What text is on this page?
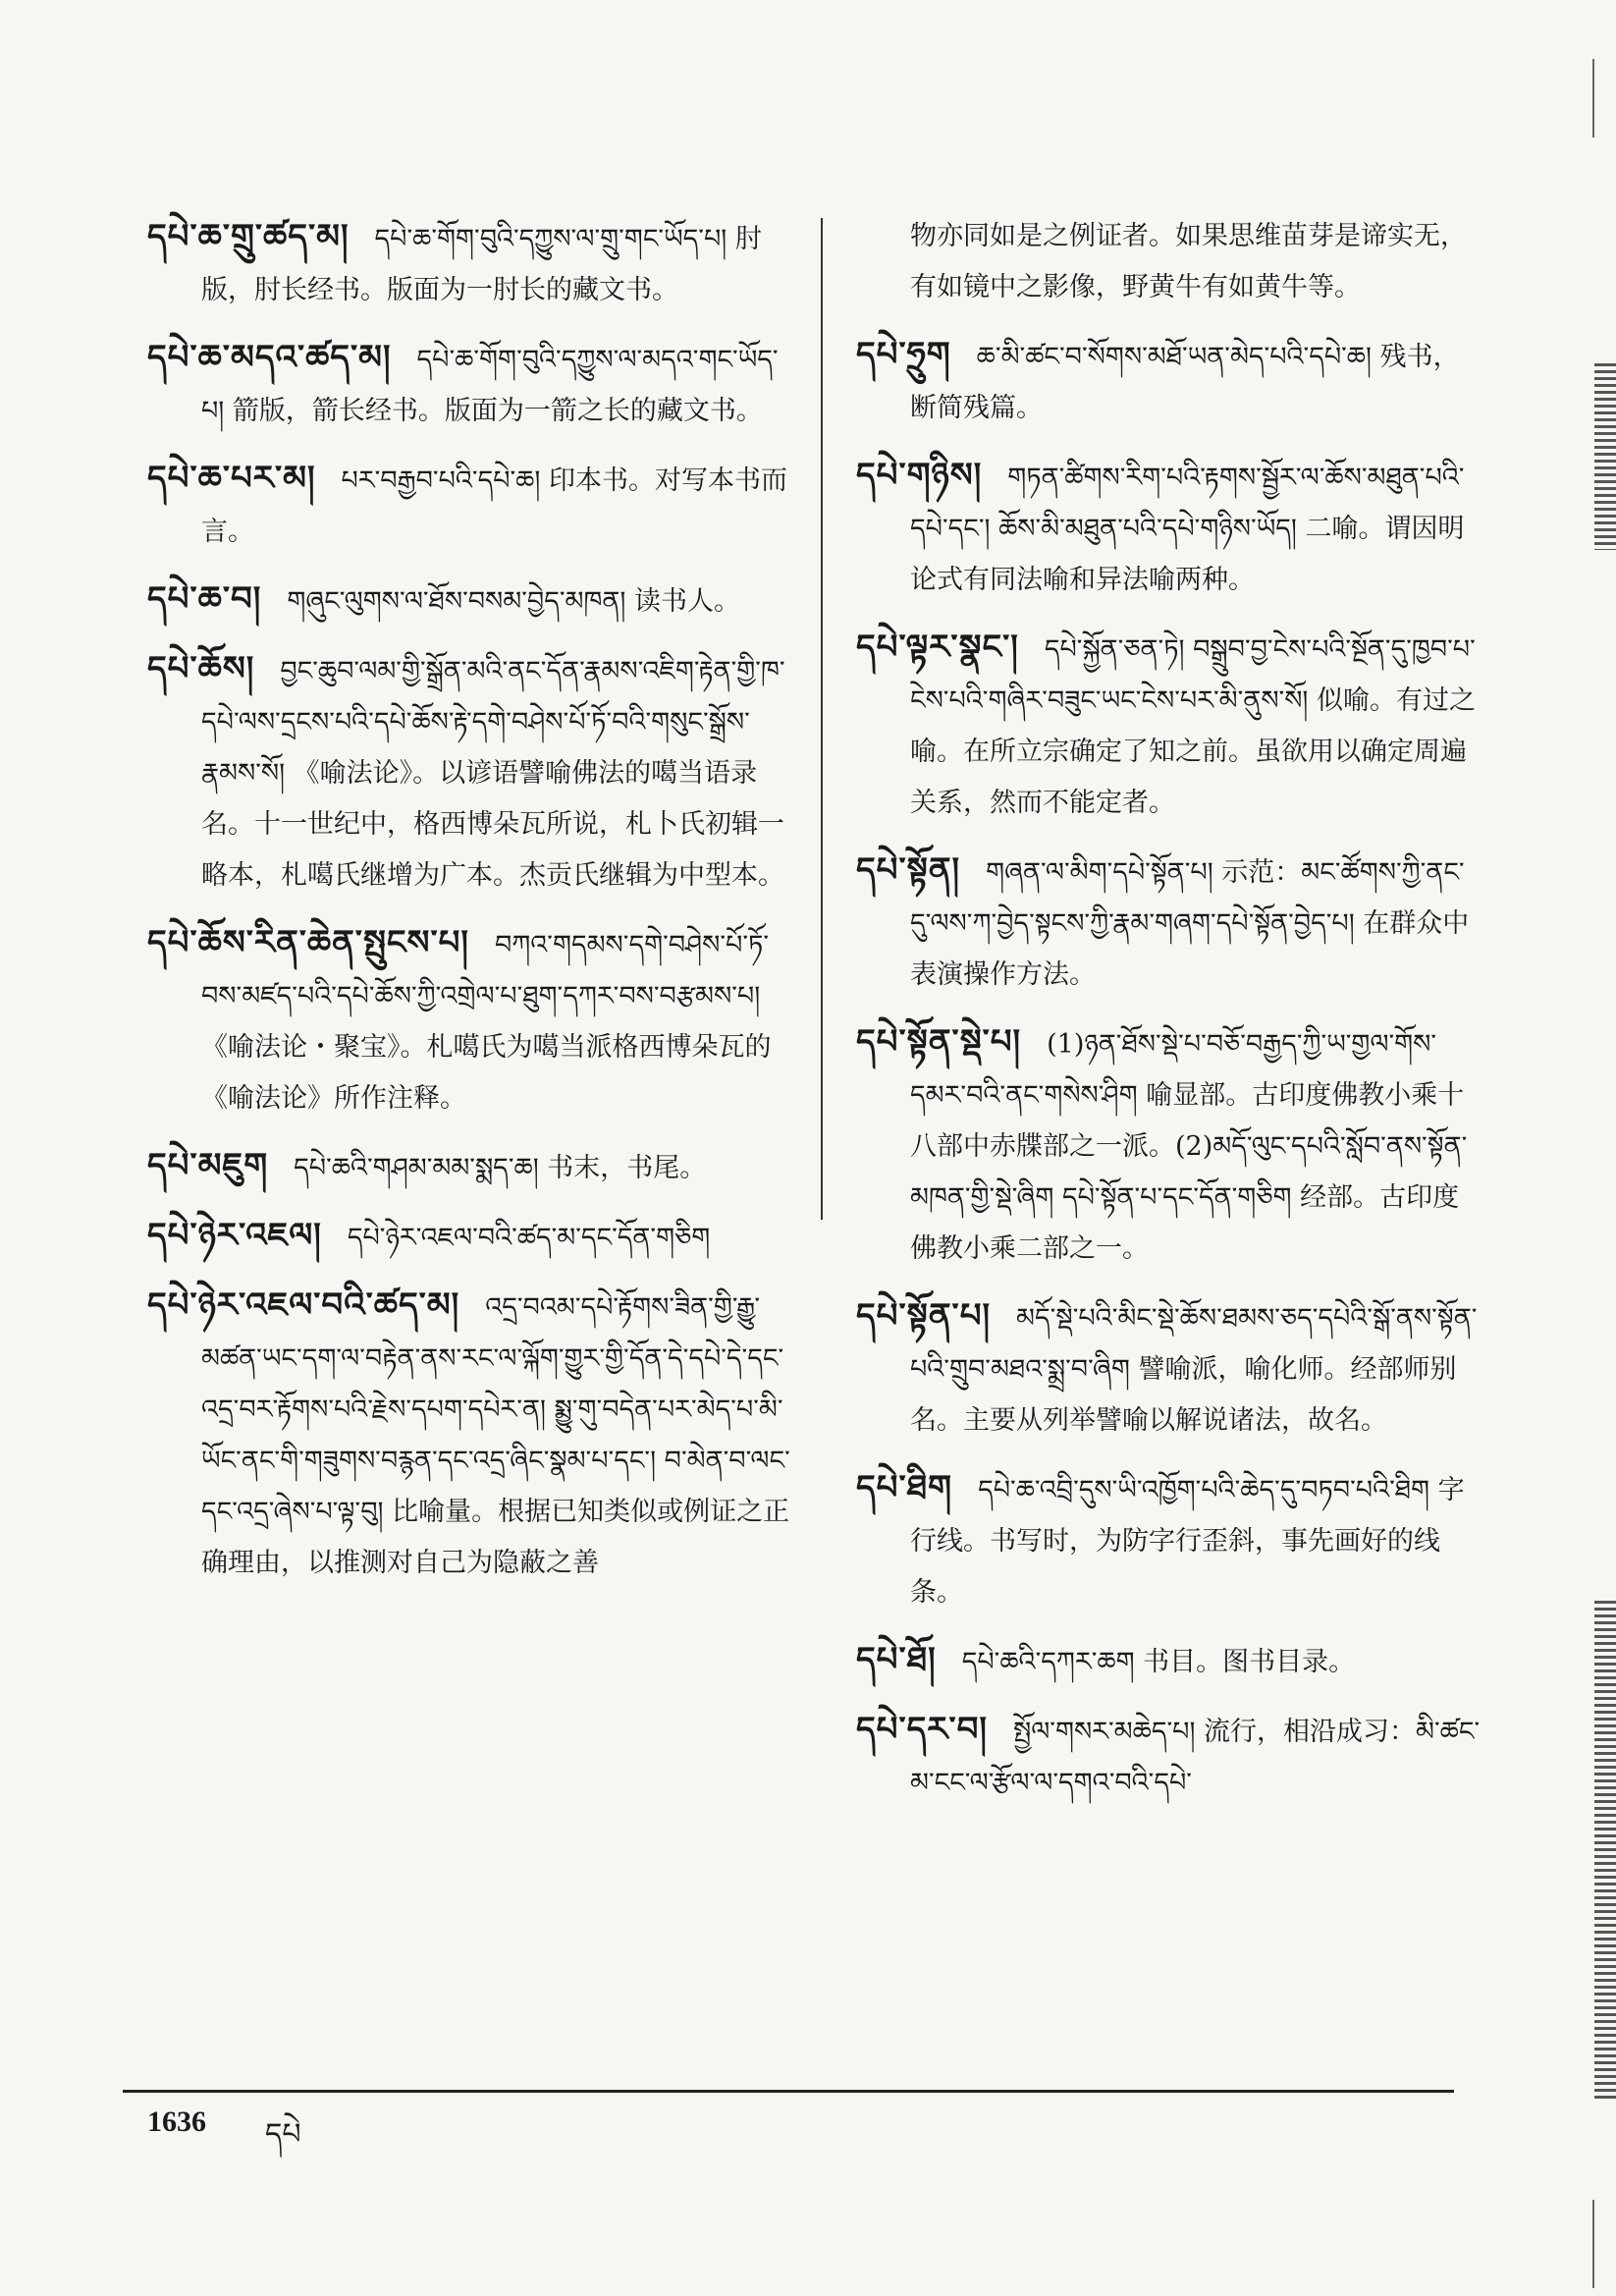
དཔེ་ཆ་གྲུ་ཚད་མ། དཔེ་ཆ་གོག་བུའི་དཀྱུས་ལ་གྲུ་གང་ཡོད་པ། 肘版，肘长经书。版面为一肘长的藏文书。
དཔེ་ཆ་མདའ་ཚད་མ། དཔེ་ཆ་གོག་བུའི་དཀྱུས་ལ་མདའ་གང་ཡོད་པ། 箭版，箭长经书。版面为一箭之长的藏文书。
དཔེ་ཆ་པར་མ། པར་བརྒྱབ་པའི་དཔེ་ཆ། 印本书。对写本书而言。
དཔེ་ཆ་བ། གཞུང་ལུགས་ལ་ཐོས་བསམ་བྱེད་མཁན། 读书人。
དཔེ་ཆོས། བྱང་ཆུབ་ལམ་གྱི་སྒྲོན་མའི་ནང་དོན་རྣམས་འཇིག་རྟེན་གྱི་ཁ་དཔེ་ལས་དྲངས་པའི་དཔེ་ཆོས་རྟེ་དགེ་བཤེས་པོ་ཏོ་བའི་གསུང་སྒྲོས་རྣམས་སོ། 《喻法论》。以谚语譬喻佛法的噶当语录名。十一世纪中，格西博朵瓦所说，札卜氏初辑一略本，札噶氏继增为广本。杰贡氏继辑为中型本。
དཔེ་ཆོས་རིན་ཆེན་སྤུངས་པ། བཀའ་གདམས་དགེ་བཤེས་པོ་ཏོ་བས་མཛད་པའི་དཔེ་ཆོས་ཀྱི་འགྲེལ་པ་ཐུག་དཀར་བས་བརྩམས་པ། 《喻法论・聚宝》。札噶氏为噶当派格西博朵瓦的《喻法论》所作注释。
དཔེ་མཇུག དཔེ་ཆའི་གཤམ་མམ་སྨད་ཆ། 书末，书尾。
དཔེ་ཉེར་འཇལ། དཔེ་ཉེར་འཇལ་བའི་ཚད་མ་དང་དོན་གཅིག
དཔེ་ཉེར་འཇལ་བའི་ཚད་མ། འདྲ་བའམ་དཔེ་རྟོགས་ཟིན་གྱི་རྒྱུ་མཚན་ཡང་དག་ལ་བརྟེན་ནས་རང་ལ་ལྐོག་གྱུར་གྱི་དོན་དེ་དཔེ་དེ་དང་འདྲ་བར་རྟོགས་པའི་རྗེས་དཔག་དཔེར་ན། སྨྱུ་གུ་བདེན་པར་མེད་པ་མི་ཡོང་ནང་གི་གཟུགས་བརྙན་དང་འདྲ་ཞིང་སྣམ་པ་དང་། བ་མེན་བ་ལང་དང་འདྲ་ཞེས་པ་ལྟ་བུ། 比喻量。根据已知类似或例证之正确理由，以推测对自己为隐蔽之善
物亦同如是之例证者。如果思维苗芽是谛实无，有如镜中之影像，野黄牛有如黄牛等。
དཔེ་ཧྲུག ཆ་མི་ཚང་བ་སོགས་མཐོ་ཡན་མེད་པའི་དཔེ་ཆ། 残书，断简残篇。
དཔེ་གཉིས། གཏན་ཚིགས་རིག་པའི་རྟགས་སྦྱོར་ལ་ཆོས་མཐུན་པའི་དཔེ་དང་། ཆོས་མི་མཐུན་པའི་དཔེ་གཉིས་ཡོད། 二喻。谓因明论式有同法喻和异法喻两种。
དཔེ་ལྟར་སྣང་། དཔེ་སྐྱོན་ཅན་ཏེ། བསྒྲུབ་བྱ་ངེས་པའི་སྔོན་དུ་ཁྱབ་པ་ངེས་པའི་གཞིར་བཟུང་ཡང་ངེས་པར་མི་ནུས་སོ། 似喻。有过之喻。在所立宗确定了知之前。虽欲用以确定周遍关系，然而不能定者。
དཔེ་སྟོན། གཞན་ལ་མིག་དཔེ་སྟོན་པ། 示范：མང་ཚོགས་ཀྱི་ནང་དུ་ལས་ཀ་བྱེད་སྟངས་ཀྱི་རྣམ་གཞག་དཔེ་སྟོན་བྱེད་པ། 在群众中表演操作方法。
དཔེ་སྟོན་སྡེ་པ། (1)ཉན་ཐོས་སྡེ་པ་བཅོ་བརྒྱད་ཀྱི་ཡ་གྱལ་གོས་དམར་བའི་ནང་གསེས་ཤིག 喻显部。古印度佛教小乘十八部中赤牒部之一派。(2)མདོ་ལུང་དཔའི་སློབ་ནས་སྟོན་མཁན་གྱི་སྡེ་ཞིག དཔེ་སྟོན་པ་དང་དོན་གཅིག 经部。古印度佛教小乘二部之一。
དཔེ་སྟོན་པ། མདོ་སྡེ་པའི་མིང་སྡེ་ཆོས་ཐམས་ཅད་དཔེའི་སྒོ་ནས་སྟོན་པའི་གྲུབ་མཐའ་སྨྲ་བ་ཞིག 譬喻派，喻化师。经部师别名。主要从列举譬喻以解说诸法，故名。
དཔེ་ཐིག དཔེ་ཆ་འབྲི་དུས་ཡི་འཁྱོག་པའི་ཆེད་དུ་བཏབ་པའི་ཐིག 字行线。书写时，为防字行歪斜，事先画好的线条。
དཔེ་ཐོ། དཔེ་ཆའི་དཀར་ཆག 书目。图书目录。
དཔེ་དར་བ། སྤྱོལ་གསར་མཆེད་པ། 流行，相沿成习：མི་ཚང་མ་ངང་ལ་རྩོལ་ལ་དགའ་བའི་དཔེ་
1636 དཔེ
